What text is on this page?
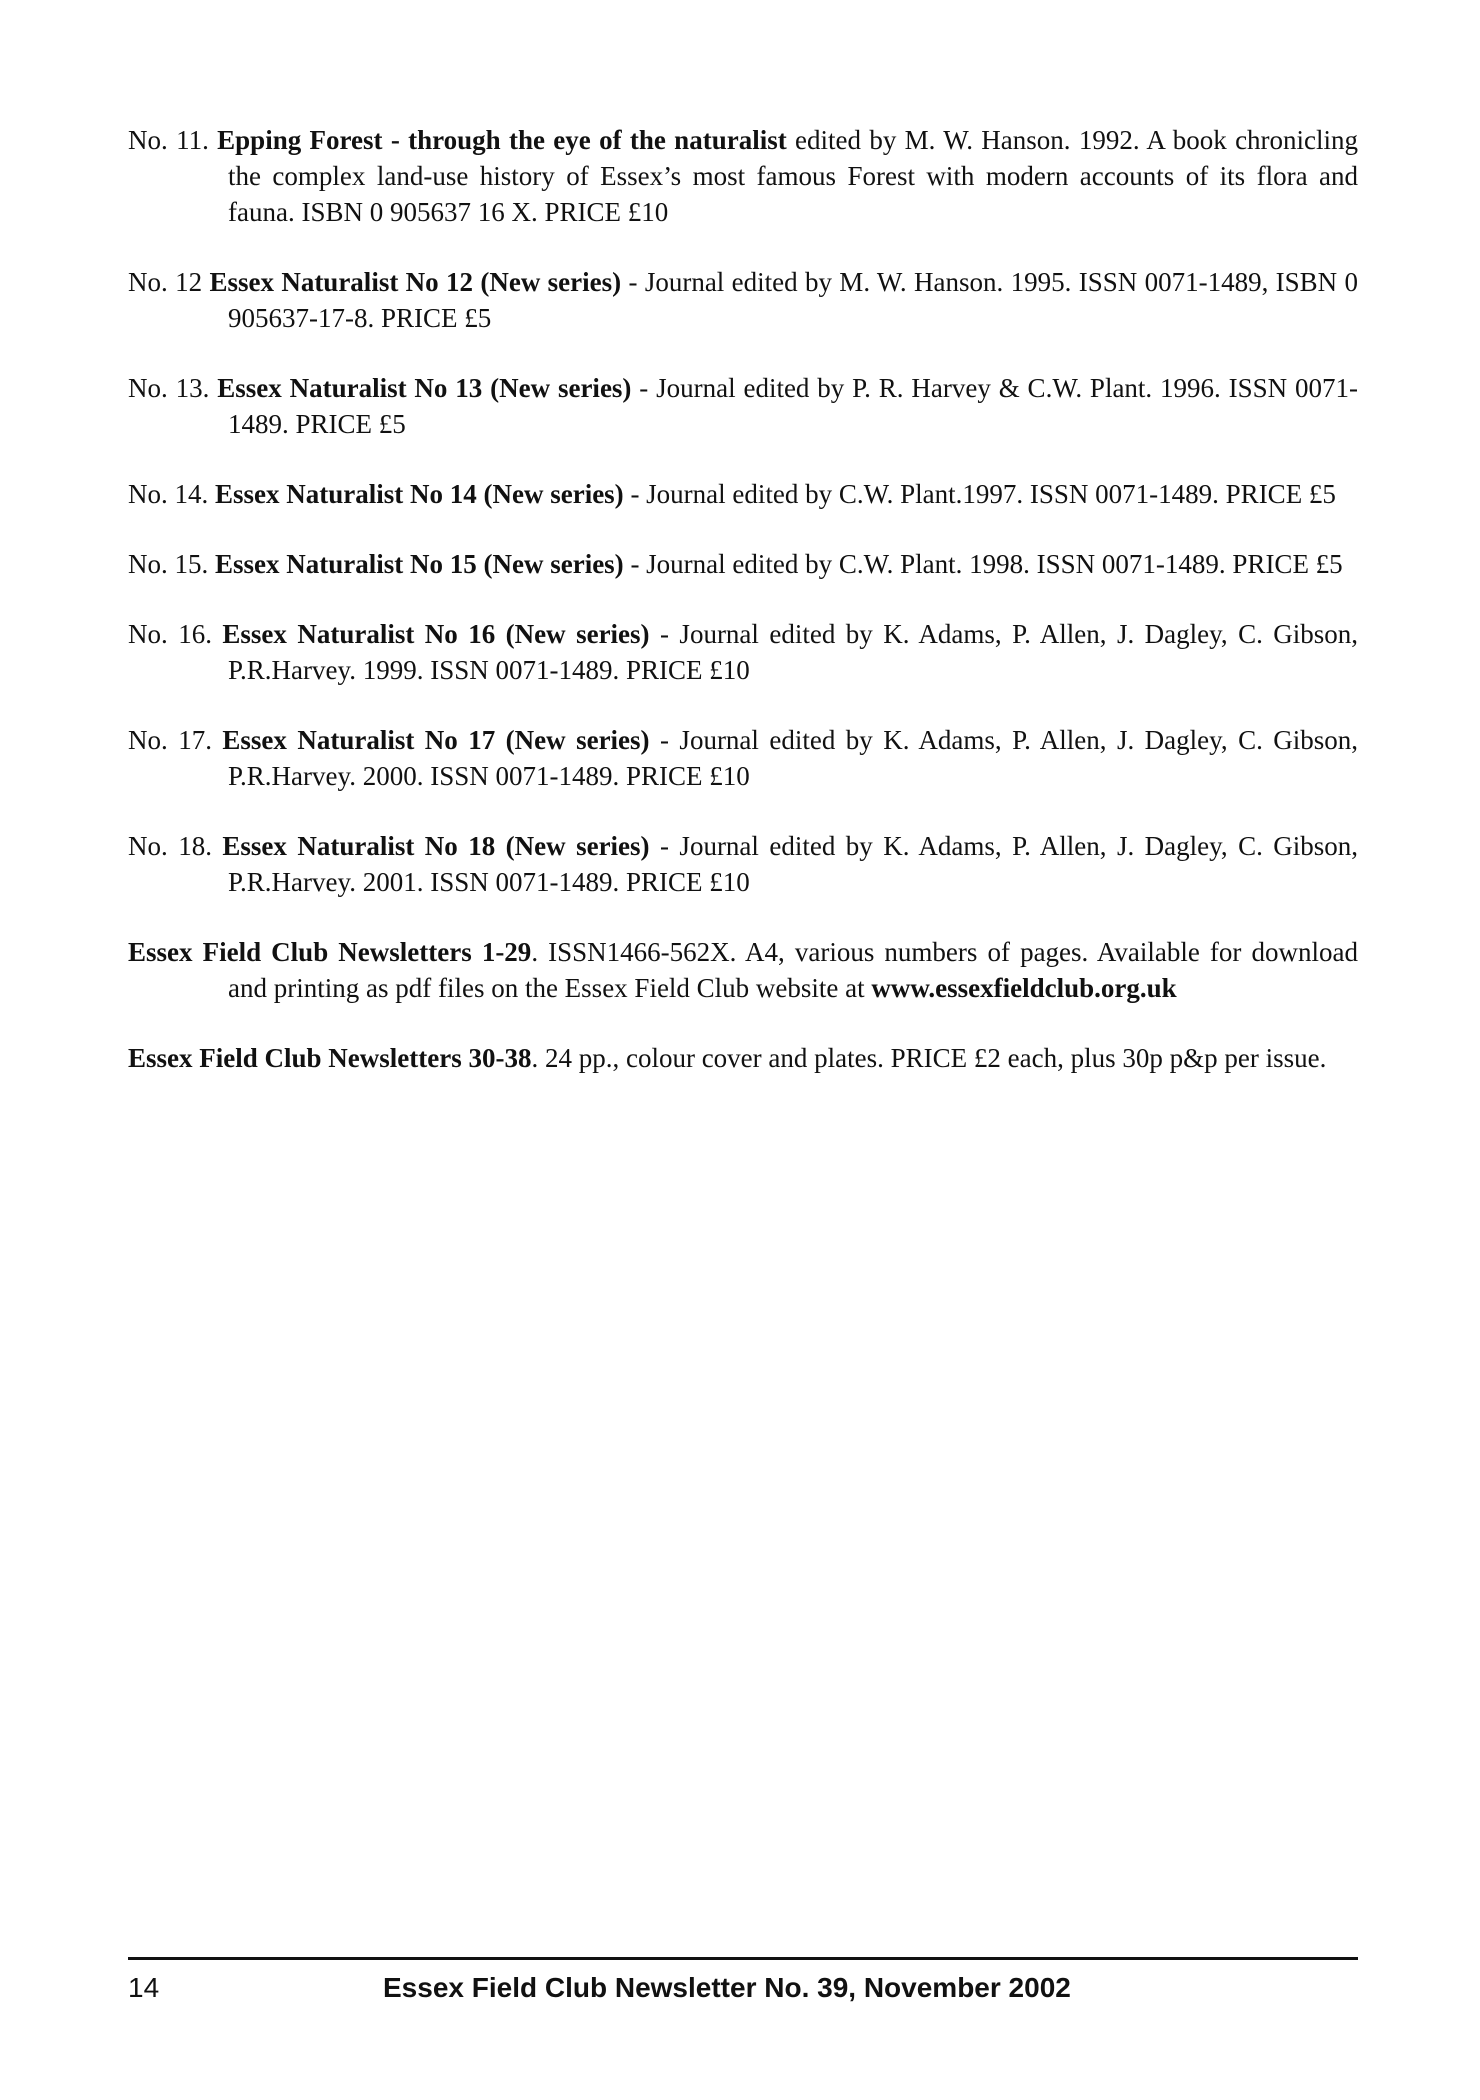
No. 11. Epping Forest - through the eye of the naturalist edited by M. W. Hanson. 1992. A book chronicling the complex land-use history of Essex’s most famous Forest with modern accounts of its flora and fauna. ISBN 0 905637 16 X. PRICE £10

No. 12 Essex Naturalist No 12 (New series) - Journal edited by M. W. Hanson. 1995. ISSN 0071-1489, ISBN 0 905637-17-8. PRICE £5

No. 13. Essex Naturalist No 13 (New series) - Journal edited by P. R. Harvey & C.W. Plant. 1996. ISSN 0071-1489. PRICE £5

No. 14. Essex Naturalist No 14 (New series) - Journal edited by C.W. Plant.1997. ISSN 0071-1489. PRICE £5

No. 15. Essex Naturalist No 15 (New series) - Journal edited by C.W. Plant. 1998. ISSN 0071-1489. PRICE £5

No. 16. Essex Naturalist No 16 (New series) - Journal edited by K. Adams, P. Allen, J. Dagley, C. Gibson, P.R.Harvey. 1999. ISSN 0071-1489. PRICE £10

No. 17. Essex Naturalist No 17 (New series) - Journal edited by K. Adams, P. Allen, J. Dagley, C. Gibson, P.R.Harvey. 2000. ISSN 0071-1489. PRICE £10

No. 18. Essex Naturalist No 18 (New series) - Journal edited by K. Adams, P. Allen, J. Dagley, C. Gibson, P.R.Harvey. 2001. ISSN 0071-1489. PRICE £10

Essex Field Club Newsletters 1-29. ISSN1466-562X. A4, various numbers of pages. Available for download and printing as pdf files on the Essex Field Club website at www.essexfieldclub.org.uk

Essex Field Club Newsletters 30-38. 24 pp., colour cover and plates. PRICE £2 each, plus 30p p&p per issue.

14	Essex Field Club Newsletter No. 39, November 2002
